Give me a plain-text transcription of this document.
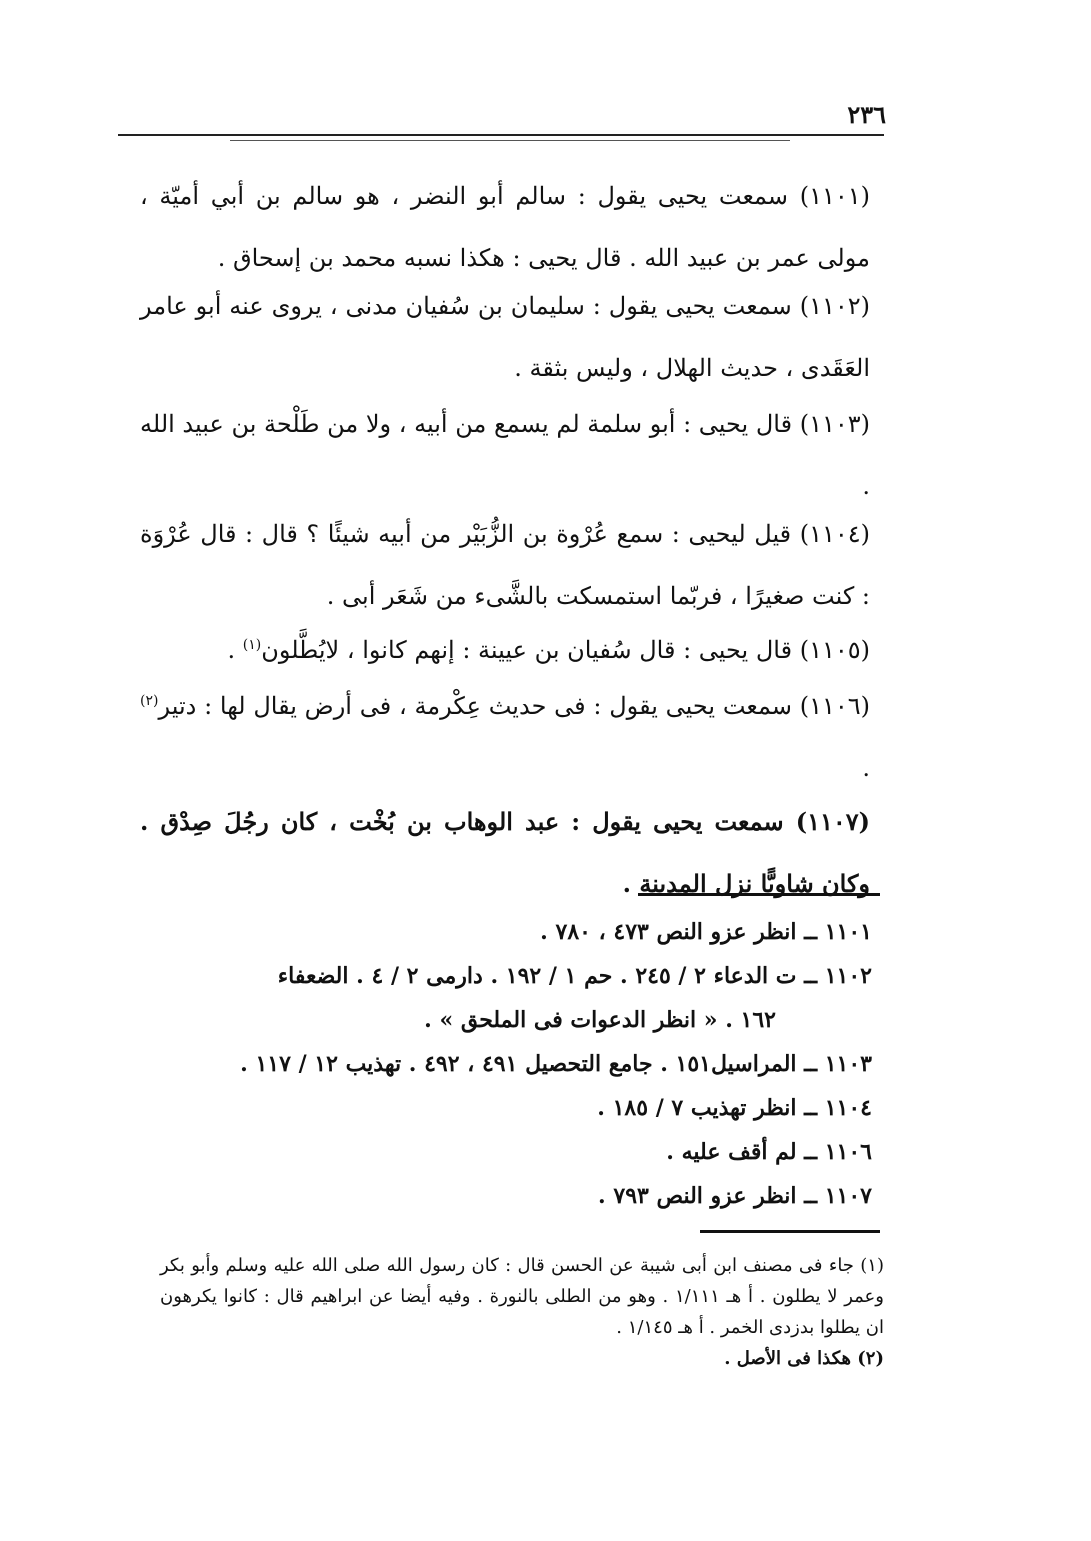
٢٣٦

(١١٠١) سمعت يحيى يقول : سالم أبو النضر ، هو سالم بن أبي أميّة ، مولى عمر بن عبيد الله . قال يحيى : هكذا نسبه محمد بن إسحاق .

(١١٠٢) سمعت يحيى يقول : سليمان بن سُفيان مدنى ، يروى عنه أبو عامر العَقَدى ، حديث الهلال ، وليس بثقة .

(١١٠٣) قال يحيى : أبو سلمة لم يسمع من أبيه ، ولا من طَلْحة بن عبيد الله .

(١١٠٤) قيل ليحيى : سمع عُرْوة بن الزُّبَيْر من أبيه شيئًا ؟ قال : قال عُرْوَة : كنت صغيرًا ، فربّما استمسكت بالشَّىء من شَعَر أبى .

(١١٠٥) قال يحيى : قال سُفيان بن عيينة : إنهم كانوا ، لايُطَّلون$^{(١)}$ .

(١١٠٦) سمعت يحيى يقول : فى حديث عِكْرمة ، فى أرض يقال لها : دتير$^{(٢)}$ .

(١١٠٧) سمعت يحيى يقول : عبد الوهاب بن بُخْت ، كان رجُلَ صِدْق . وكان شاويًّا نزل المدينة .

١١٠١ ــ انظر عزو النص ٤٧٣ ، ٧٨٠ .
١١٠٢ ــ ت الدعاء ٢ / ٢٤٥ . حم ١ / ١٩٢ . دارمى ٢ / ٤ . الضعفاء
١٦٢ . « انظر الدعوات فى الملحق » .
١١٠٣ ــ المراسيل١٥١ . جامع التحصيل ٤٩١ ، ٤٩٢ . تهذيب ١٢ / ١١٧ .
١١٠٤ ــ انظر تهذيب ٧ / ١٨٥ .
١١٠٦ ــ لم أقف عليه .
١١٠٧ ــ انظر عزو النص ٧٩٣ .
(١) جاء فى مصنف ابن أبى شيبة عن الحسن قال : كان رسول الله صلى الله عليه وسلم وأبو بكر وعمر لا يطلون . أ هـ ١/١١١ . وهو من الطلى بالنورة . وفيه أيضا عن ابراهيم قال : كانوا يكرهون ان يطلوا بدزدى الخمر . أ هـ ١/١٤٥ .
(٢) هكذا فى الأصل .
